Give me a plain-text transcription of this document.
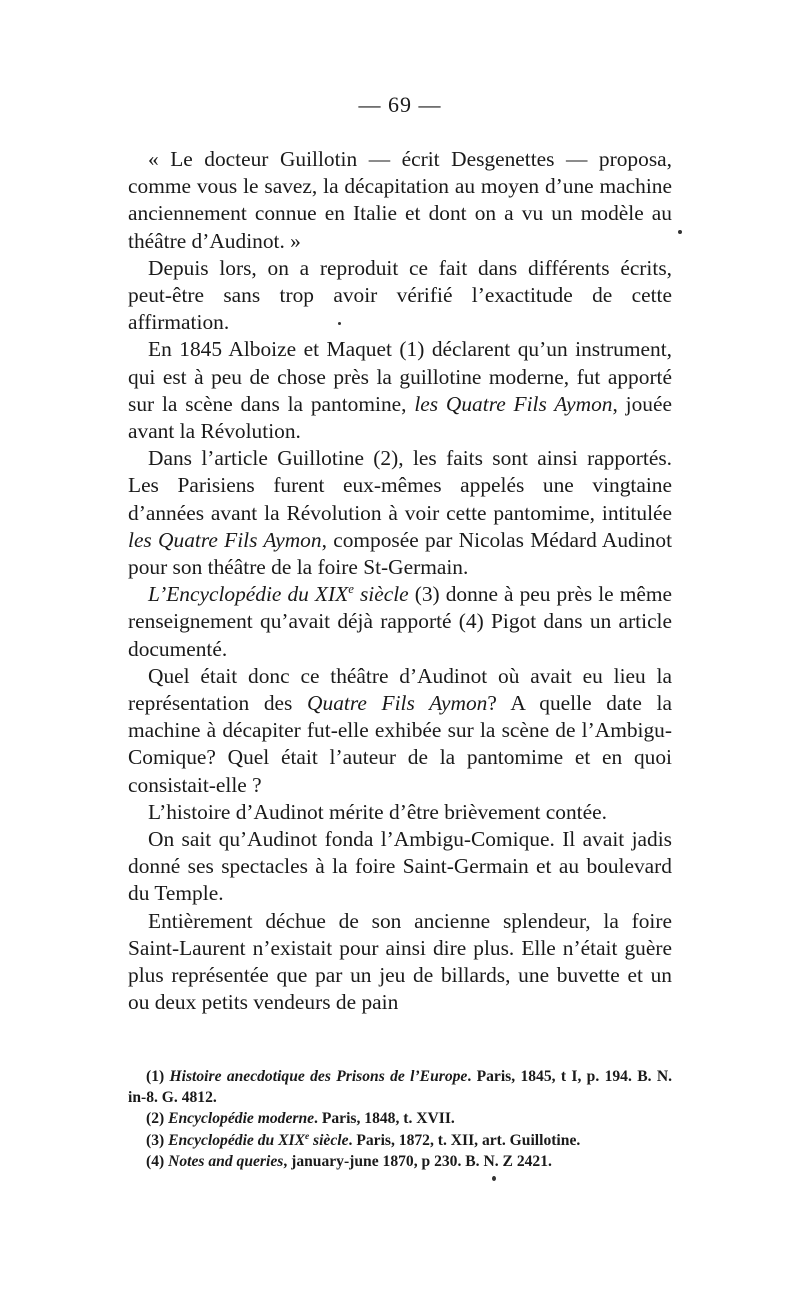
— 69 —

« Le docteur Guillotin — écrit Desgenettes — proposa, comme vous le savez, la décapitation au moyen d’une machine anciennement connue en Italie et dont on a vu un modèle au théâtre d’Audinot. »

Depuis lors, on a reproduit ce fait dans différents écrits, peut-être sans trop avoir vérifié l’exactitude de cette affirmation.

En 1845 Alboize et Maquet (1) déclarent qu’un instrument, qui est à peu de chose près la guillotine moderne, fut apporté sur la scène dans la pantomine, les Quatre Fils Aymon, jouée avant la Révolution.

Dans l’article Guillotine (2), les faits sont ainsi rapportés. Les Parisiens furent eux-mêmes appelés une vingtaine d’années avant la Révolution à voir cette pantomime, intitulée les Quatre Fils Aymon, composée par Nicolas Médard Audinot pour son théâtre de la foire St-Germain.

L’Encyclopédie du XIXe siècle (3) donne à peu près le même renseignement qu’avait déjà rapporté (4) Pigot dans un article documenté.

Quel était donc ce théâtre d’Audinot où avait eu lieu la représentation des Quatre Fils Aymon? A quelle date la machine à décapiter fut-elle exhibée sur la scène de l’Ambigu-Comique? Quel était l’auteur de la pantomime et en quoi consistait-elle ?

L’histoire d’Audinot mérite d’être brièvement contée.

On sait qu’Audinot fonda l’Ambigu-Comique. Il avait jadis donné ses spectacles à la foire Saint-Germain et au boulevard du Temple.

Entièrement déchue de son ancienne splendeur, la foire Saint-Laurent n’existait pour ainsi dire plus. Elle n’était guère plus représentée que par un jeu de billards, une buvette et un ou deux petits vendeurs de pain

(1) Histoire anecdotique des Prisons de l’Europe. Paris, 1845, t I, p. 194. B. N. in-8. G. 4812.

(2) Encyclopédie moderne. Paris, 1848, t. XVII.

(3) Encyclopédie du XIXe siècle. Paris, 1872, t. XII, art. Guillotine.

(4) Notes and queries, january-june 1870, p 230. B. N. Z 2421.
